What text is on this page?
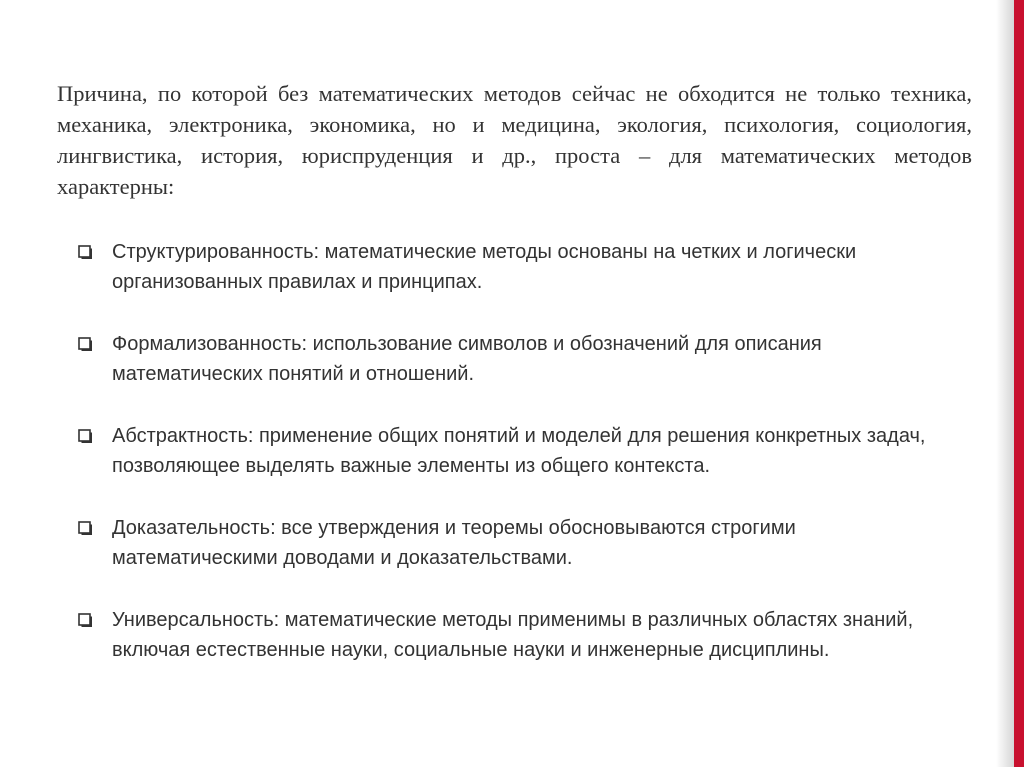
Причина, по которой без математических методов сейчас не обходится не только техника, механика, электроника, экономика, но и медицина, экология, психология, социология, лингвистика, история, юриспруденция и др., проста – для математических методов характерны:

Структурированность: математические методы основаны на четких и логически организованных правилах и принципах.
Формализованность: использование символов и обозначений для описания математических понятий и отношений.
Абстрактность: применение общих понятий и моделей для решения конкретных задач, позволяющее выделять важные элементы из общего контекста.
Доказательность: все утверждения и теоремы обосновываются строгими математическими доводами и доказательствами.
Универсальность: математические методы применимы в различных областях знаний, включая естественные науки, социальные науки и инженерные дисциплины.
